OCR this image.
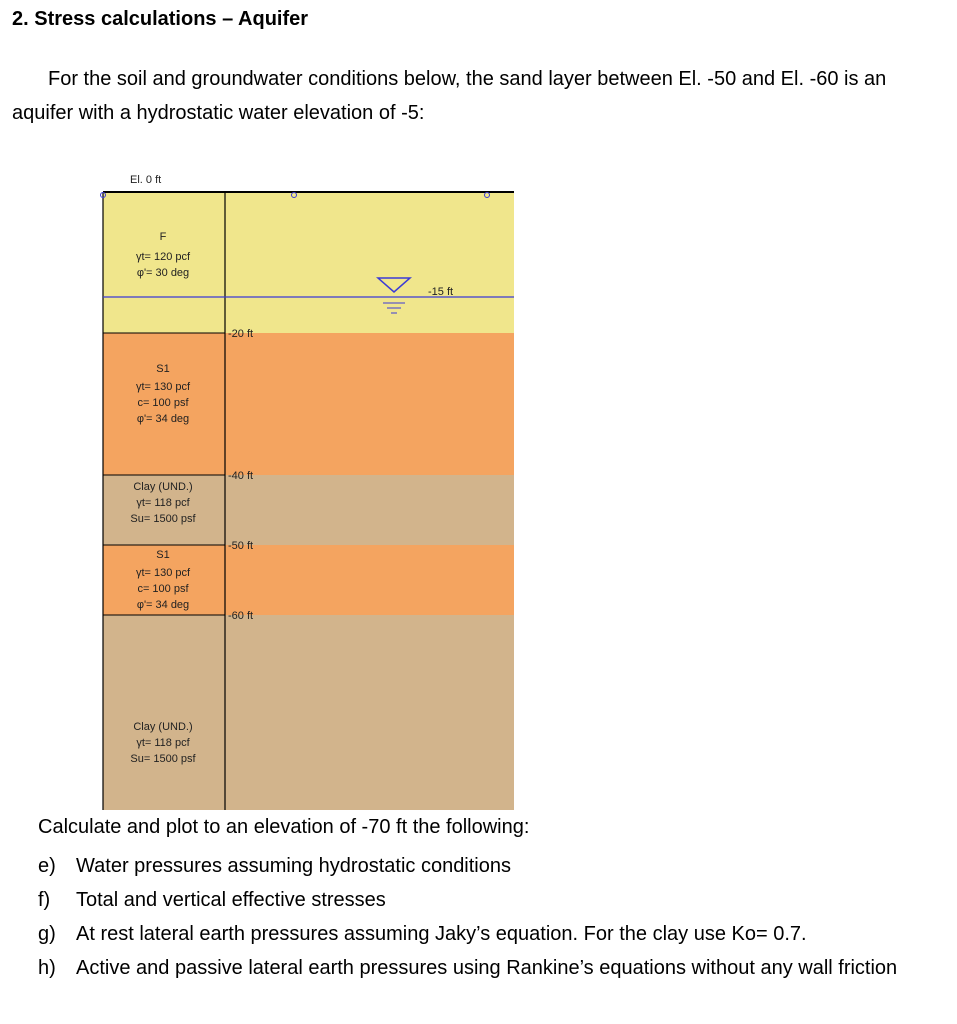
2. Stress calculations – Aquifer
For the soil and groundwater conditions below, the sand layer between El. -50 and El. -60 is an aquifer with a hydrostatic water elevation of -5:
El. 0 ft
-15 ft
-20 ft
-40 ft
-50 ft
-60 ft
F
γt= 120 pcf
φ'= 30 deg
S1
γt= 130 pcf
c= 100 psf
φ'= 34 deg
Clay (UND.)
γt= 118 pcf
Su= 1500 psf
S1
γt= 130 pcf
c= 100 psf
φ'= 34 deg
Clay (UND.)
γt= 118 pcf
Su= 1500 psf
Calculate and plot to an elevation of -70 ft the following:
e) Water pressures assuming hydrostatic conditions
f) Total and vertical effective stresses
g) At rest lateral earth pressures assuming Jaky’s equation. For the clay use Ko= 0.7.
h) Active and passive lateral earth pressures using Rankine’s equations without any wall friction
